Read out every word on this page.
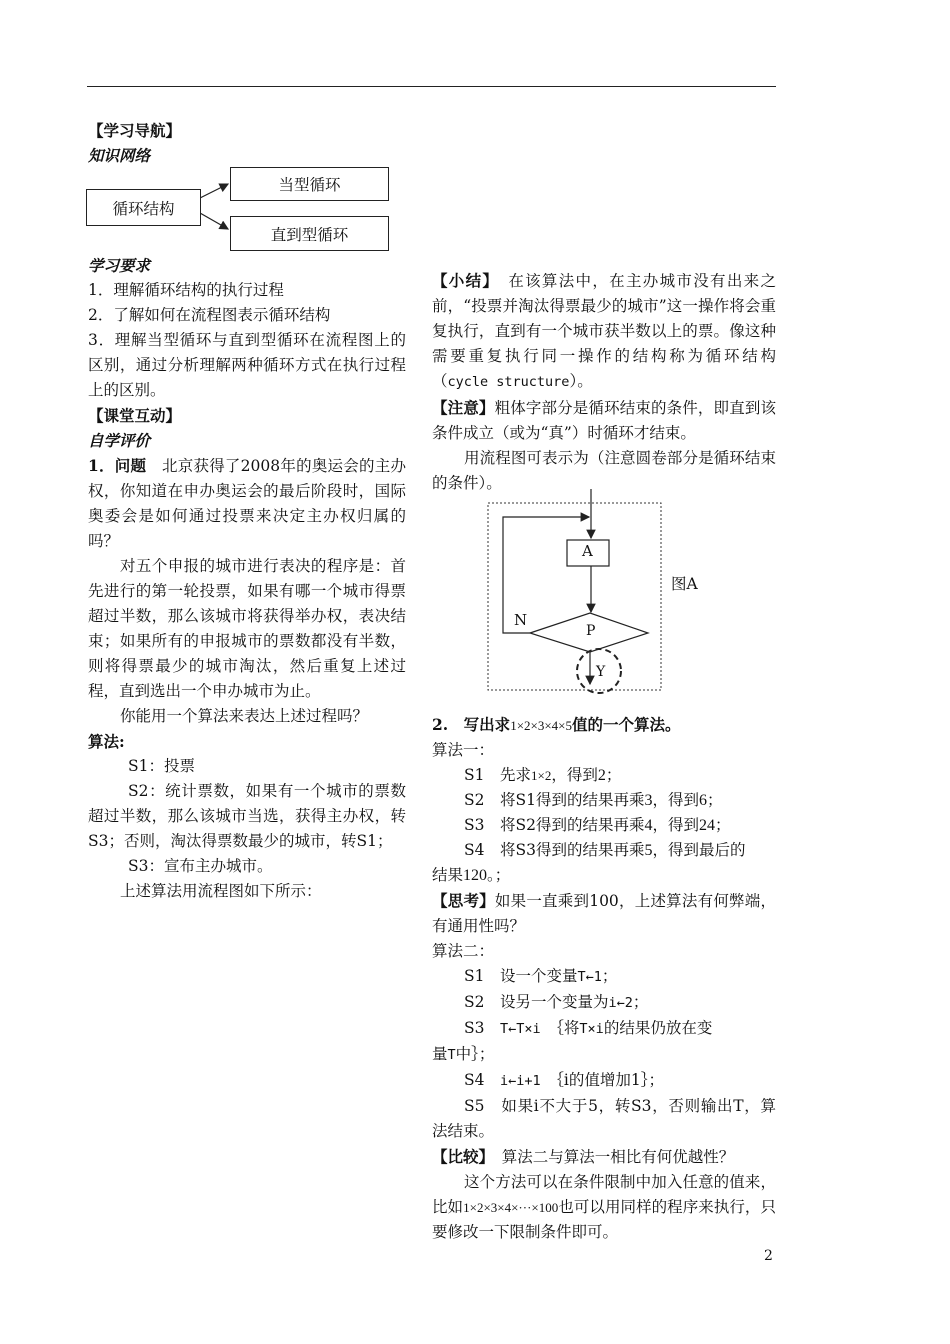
循环结构
当型循环
直到型循环
【学习导航】
知识网络
学习要求
1．理解循环结构的执行过程
2．了解如何在流程图表示循环结构
3．理解当型循环与直到型循环在流程图上的区别，通过分析理解两种循环方式在执行过程上的区别。
【课堂互动】
自学评价
1．问题　 北京获得了2008年的奥运会的主办权，你知道在申办奥运会的最后阶段时，国际奥委会是如何通过投票来决定主办权归属的吗？
对五个申报的城市进行表决的程序是：首先进行的第一轮投票，如果有哪一个城市得票超过半数，那么该城市将获得举办权，表决结束；如果所有的申报城市的票数都没有半数，则将得票最少的城市淘汰，然后重复上述过程，直到选出一个申办城市为止。
你能用一个算法来表达上述过程吗？
算法:
S1：投票
S2：统计票数，如果有一个城市的票数超过半数，那么该城市当选，获得主办权，转S3；否则，淘汰得票数最少的城市，转S1；
S3：宣布主办城市。
上述算法用流程图如下所示：
【小结】　 在该算法中，在主办城市没有出来之前，“投票并淘汰得票最少的城市”这一操作将会重复执行，直到有一个城市获半数以上的票。像这种需要重复执行同一操作的结构称为循环结构（cycle structure）。
【注意】粗体字部分是循环结束的条件，即直到该条件成立（或为“真”）时循环才结束。
用流程图可表示为（注意圆卷部分是循环结束的条件）。
A
P
N
Y
图A
2.　写出求1×2×3×4×5值的一个算法。
算法一：
S1　 先求1×2，得到2；
S2　 将S1得到的结果再乘3，得到6；
S3　 将S2得到的结果再乘4，得到24；
S4　 将S3得到的结果再乘5，得到最后的
结果120。；
【思考】如果一直乘到100，上述算法有何弊端，有通用性吗？
算法二：
S1　设一个变量T←1；
S2　设另一个变量为i←2；
S3　 T←T×i　 ｛将T×i的结果仍放在变
量T中｝；
S4　 i←i+1　 ｛i的值增加1｝；
S5　如果i不大于5，转S3，否则输出T，算法结束。
【比较】　 算法二与算法一相比有何优越性？
这个方法可以在条件限制中加入任意的值来，比如1×2×3×4×···×100也可以用同样的程序来执行，只要修改一下限制条件即可。
2
